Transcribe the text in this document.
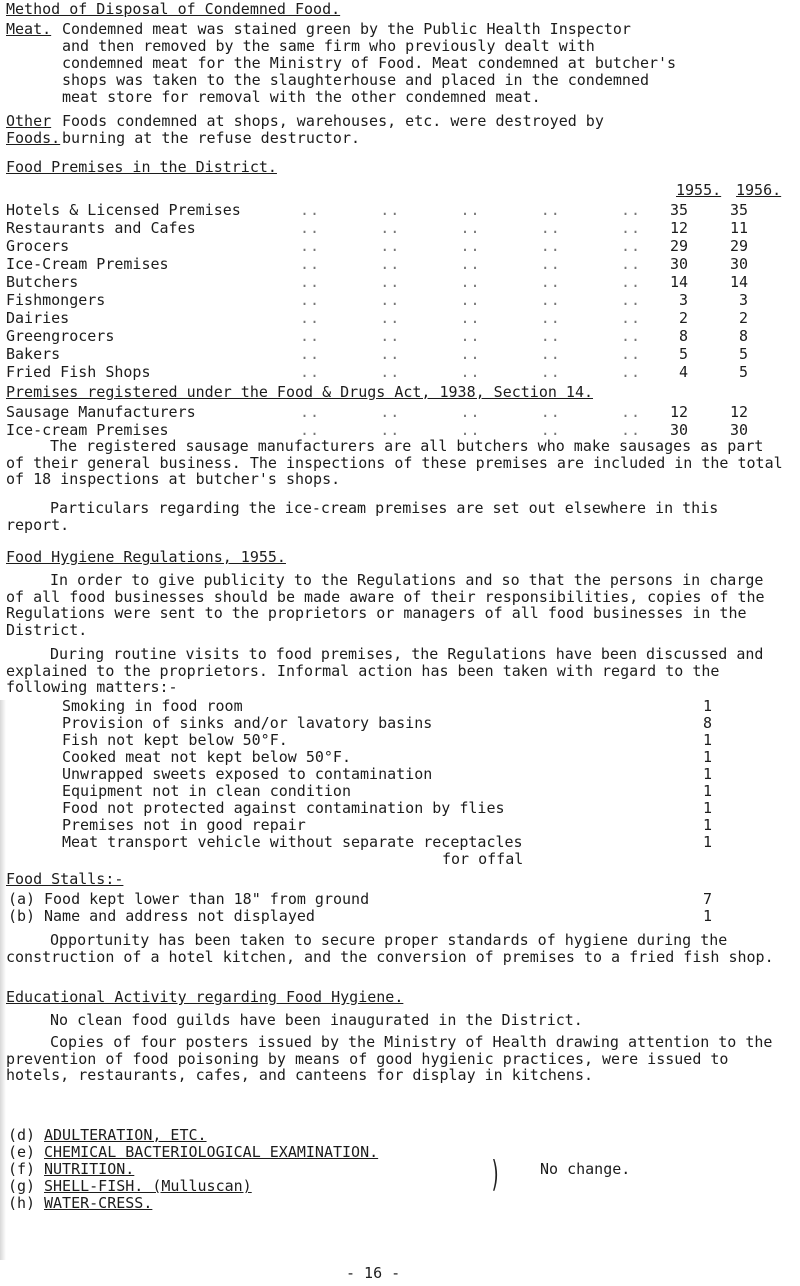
Method of Disposal of Condemned Food.
Meat. Condemned meat was stained green by the Public Health Inspector
and then removed by the same firm who previously dealt with
condemned meat for the Ministry of Food. Meat condemned at butcher's
shops was taken to the slaughterhouse and placed in the condemned
meat store for removal with the other condemned meat.
Other
Foods.
Foods condemned at shops, warehouses, etc. were destroyed by
burning at the refuse destructor.
Food Premises in the District.
1955. 1956.
Hotels & Licensed Premises	..      ..      ..      ..      ..	35	35
Restaurants and Cafes	..      ..      ..      ..      ..	12	11
Grocers	..      ..      ..      ..      ..	29	29
Ice-Cream Premises	..      ..      ..      ..      ..	30	30
Butchers	..      ..      ..      ..      ..	14	14
Fishmongers	..      ..      ..      ..      ..	3	3
Dairies	..      ..      ..      ..      ..	2	2
Greengrocers	..      ..      ..      ..      ..	8	8
Bakers	..      ..      ..      ..      ..	5	5
Fried Fish Shops	..      ..      ..      ..      ..	4	5
Premises registered under the Food & Drugs Act, 1938, Section 14.
Sausage Manufacturers	..      ..      ..      ..      ..	12	12
Ice-cream Premises	..      ..      ..      ..      ..	30	30
The registered sausage manufacturers are all butchers who make sausages as part of their general business. The inspections of these premises are included in the total of 18 inspections at butcher's shops.
Particulars regarding the ice-cream premises are set out elsewhere in this report.
Food Hygiene Regulations, 1955.
In order to give publicity to the Regulations and so that the persons in charge of all food businesses should be made aware of their responsibilities, copies of the Regulations were sent to the proprietors or managers of all food businesses in the District.
During routine visits to food premises, the Regulations have been discussed and explained to the proprietors. Informal action has been taken with regard to the following matters:-
Smoking in food room	1
Provision of sinks and/or lavatory basins	8
Fish not kept below 50°F.	1
Cooked meat not kept below 50°F.	1
Unwrapped sweets exposed to contamination	1
Equipment not in clean condition	1
Food not protected against contamination by flies	1
Premises not in good repair	1
Meat transport vehicle without separate receptacles	1
for offal
Food Stalls:-
(a) Food kept lower than 18" from ground	7
(b) Name and address not displayed	1
Opportunity has been taken to secure proper standards of hygiene during the construction of a hotel kitchen, and the conversion of premises to a fried fish shop.
Educational Activity regarding Food Hygiene.
No clean food guilds have been inaugurated in the District.
Copies of four posters issued by the Ministry of Health drawing attention to the prevention of food poisoning by means of good hygienic practices, were issued to hotels, restaurants, cafes, and canteens for display in kitchens.
(d) ADULTERATION, ETC.
(e) CHEMICAL BACTERIOLOGICAL EXAMINATION.
(f) NUTRITION.
(g) SHELL-FISH. (Mulluscan)
(h) WATER-CRESS.
)	No change.
- 16 -
